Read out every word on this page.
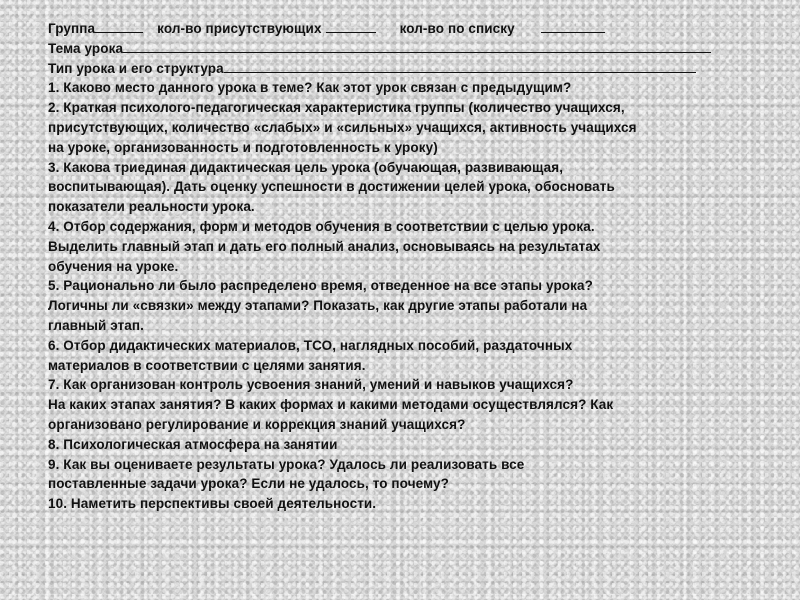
Группа	кол-во присутствующих	кол-во по списку
Тема урока
Тип урока и его структура
1. Каково место данного урока в теме? Как этот урок связан с предыдущим?
2. Краткая психолого-педагогическая характеристика группы (количество учащихся,
присутствующих, количество «слабых» и «сильных» учащихся, активность учащихся
на уроке, организованность и подготовленность к уроку)
3. Какова триединая дидактическая цель урока (обучающая, развивающая,
воспитывающая). Дать оценку успешности в достижении целей урока, обосновать
показатели реальности урока.
4. Отбор содержания, форм и методов обучения в соответствии с целью урока.
Выделить главный этап и дать его полный анализ, основываясь на результатах
обучения на уроке.
5. Рационально ли было распределено время, отведенное на все этапы урока?
Логичны ли «связки» между этапами? Показать, как другие этапы работали на
главный этап.
6. Отбор дидактических материалов, ТСО, наглядных пособий, раздаточных
материалов в соответствии с целями занятия.
7. Как организован контроль усвоения знаний, умений и навыков учащихся?
На каких этапах занятия? В каких формах и какими методами осуществлялся? Как
организовано регулирование и коррекция знаний учащихся?
8. Психологическая атмосфера на занятии
9. Как вы оцениваете результаты урока? Удалось ли реализовать все
поставленные задачи урока? Если не удалось, то почему?
10. Наметить перспективы своей деятельности.
